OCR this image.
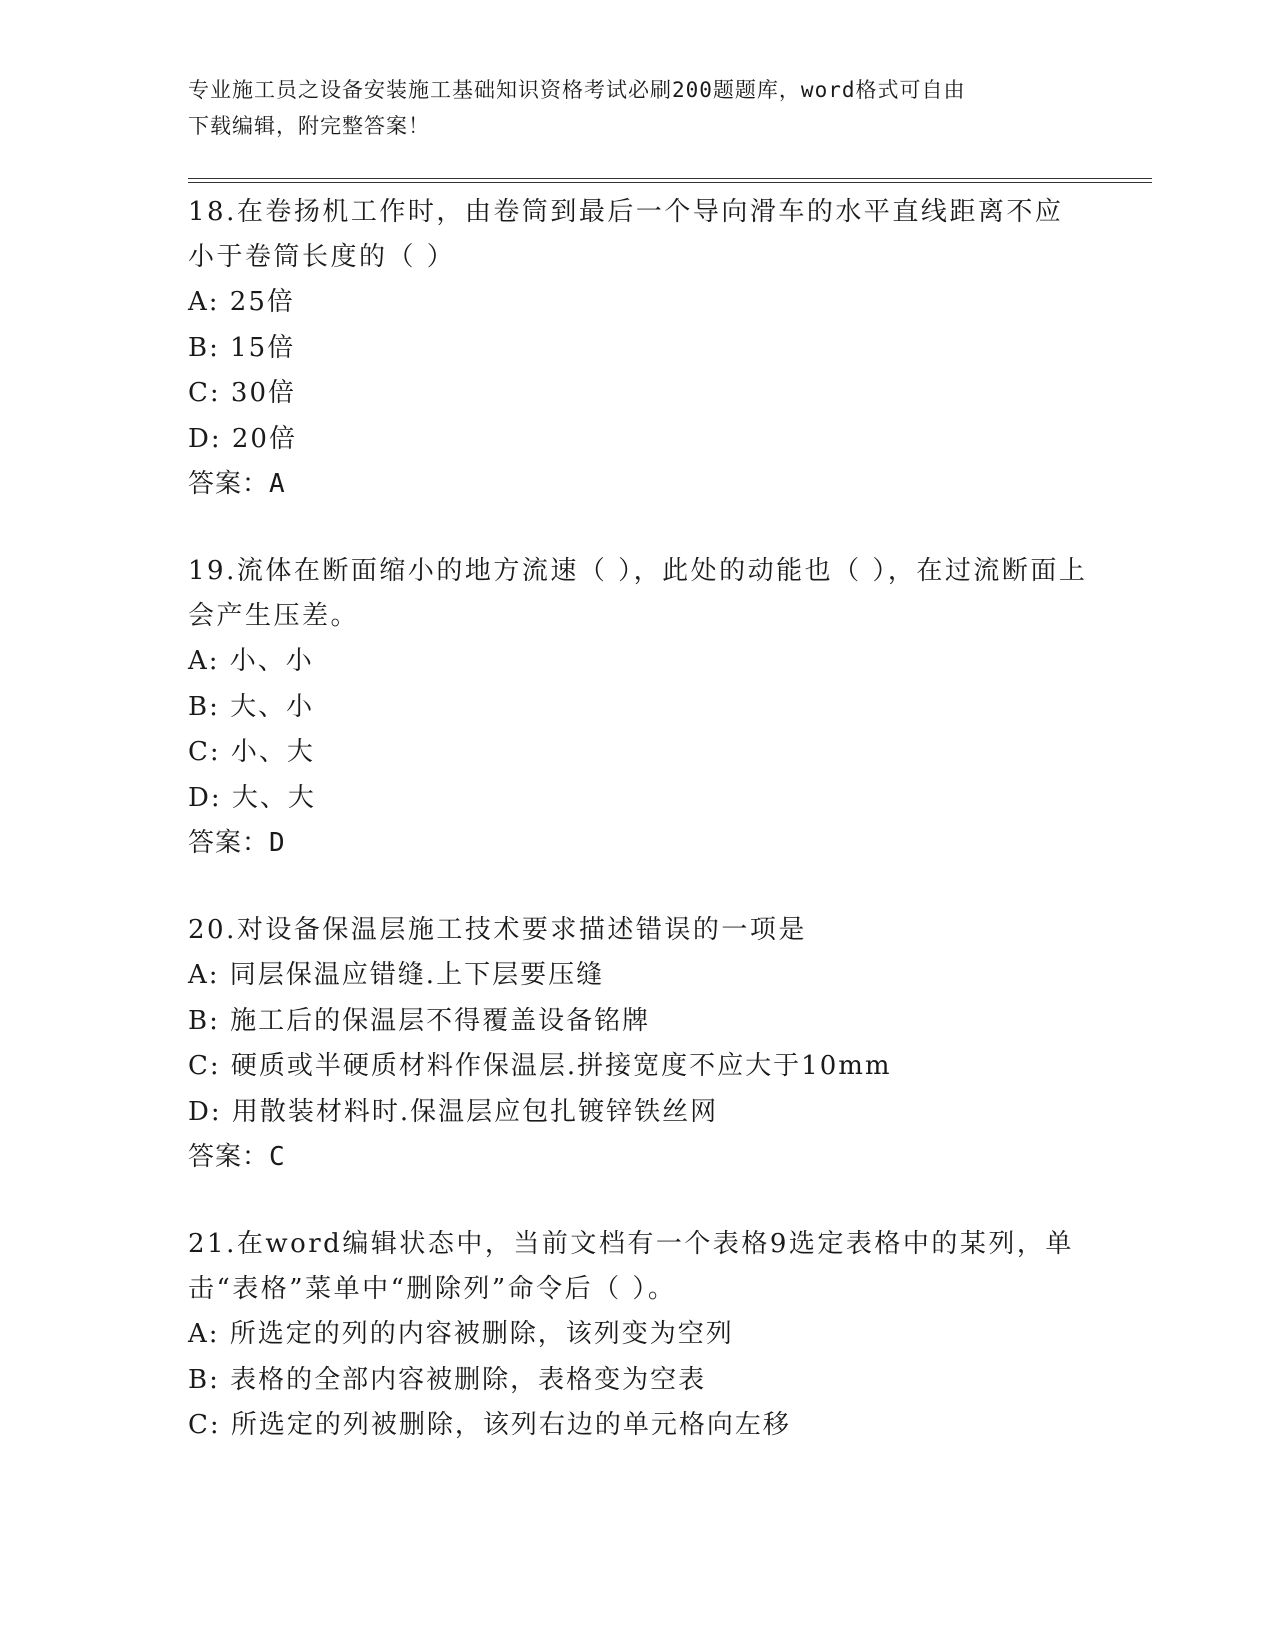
专业施工员之设备安装施工基础知识资格考试必刷200题题库，word格式可自由
下载编辑，附完整答案！

18.在卷扬机工作时，由卷筒到最后一个导向滑车的水平直线距离不应小于卷筒长度的（ ）

A: 25倍

B: 15倍

C: 30倍

D: 20倍

答案：A

19.流体在断面缩小的地方流速（ ），此处的动能也（ ），在过流断面上会产生压差。

A: 小、小

B: 大、小

C: 小、大

D: 大、大

答案：D

20.对设备保温层施工技术要求描述错误的一项是

A: 同层保温应错缝.上下层要压缝

B: 施工后的保温层不得覆盖设备铭牌

C: 硬质或半硬质材料作保温层.拼接宽度不应大于10mm

D: 用散装材料时.保温层应包扎镀锌铁丝网

答案：C

21.在word编辑状态中，当前文档有一个表格9选定表格中的某列，单击“表格”菜单中“删除列”命令后（ ）。

A: 所选定的列的内容被删除，该列变为空列

B: 表格的全部内容被删除，表格变为空表

C: 所选定的列被删除，该列右边的单元格向左移
